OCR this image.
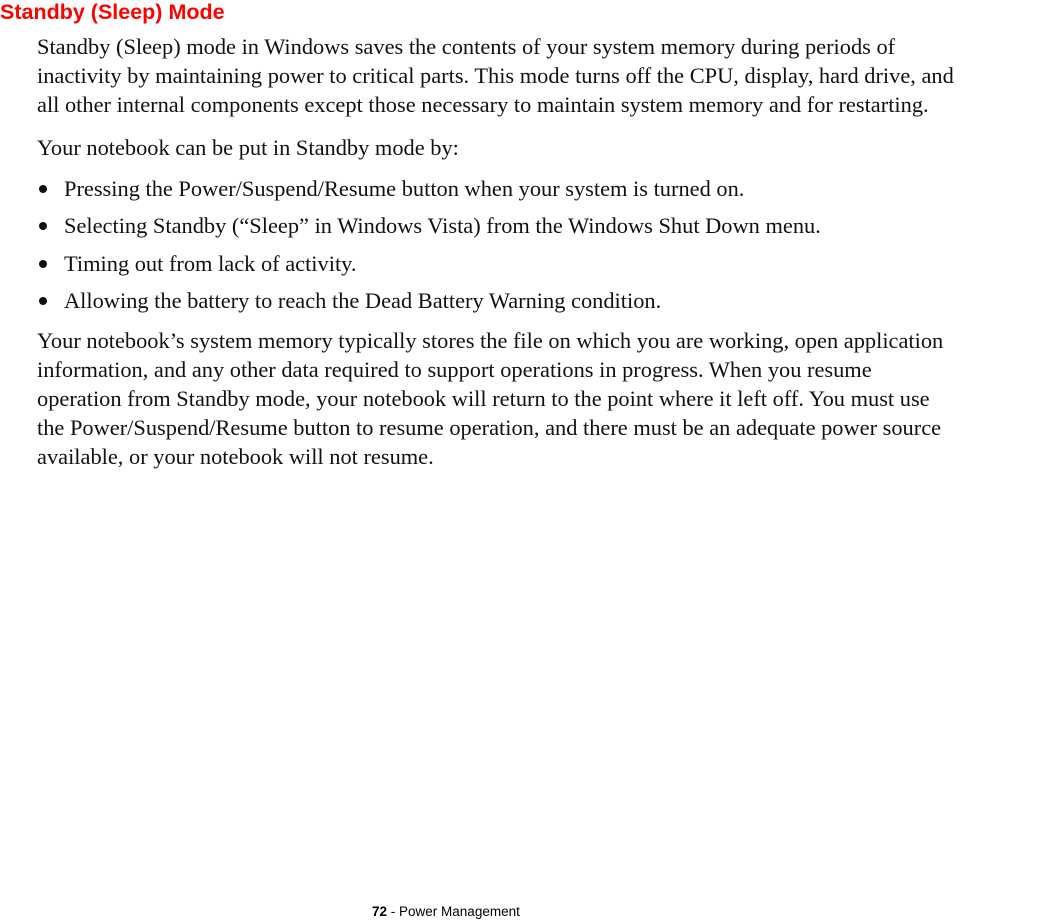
Standby (Sleep) Mode

Standby (Sleep) mode in Windows saves the contents of your system memory during periods of
inactivity by maintaining power to critical parts. This mode turns off the CPU, display, hard drive, and
all other internal components except those necessary to maintain system memory and for restarting.

Your notebook can be put in Standby mode by:

Pressing the Power/Suspend/Resume button when your system is turned on.
Selecting Standby (“Sleep” in Windows Vista) from the Windows Shut Down menu.
Timing out from lack of activity.
Allowing the battery to reach the Dead Battery Warning condition.

Your notebook’s system memory typically stores the file on which you are working, open application
information, and any other data required to support operations in progress. When you resume
operation from Standby mode, your notebook will return to the point where it left off. You must use
the Power/Suspend/Resume button to resume operation, and there must be an adequate power source
available, or your notebook will not resume.

72 - Power Management
